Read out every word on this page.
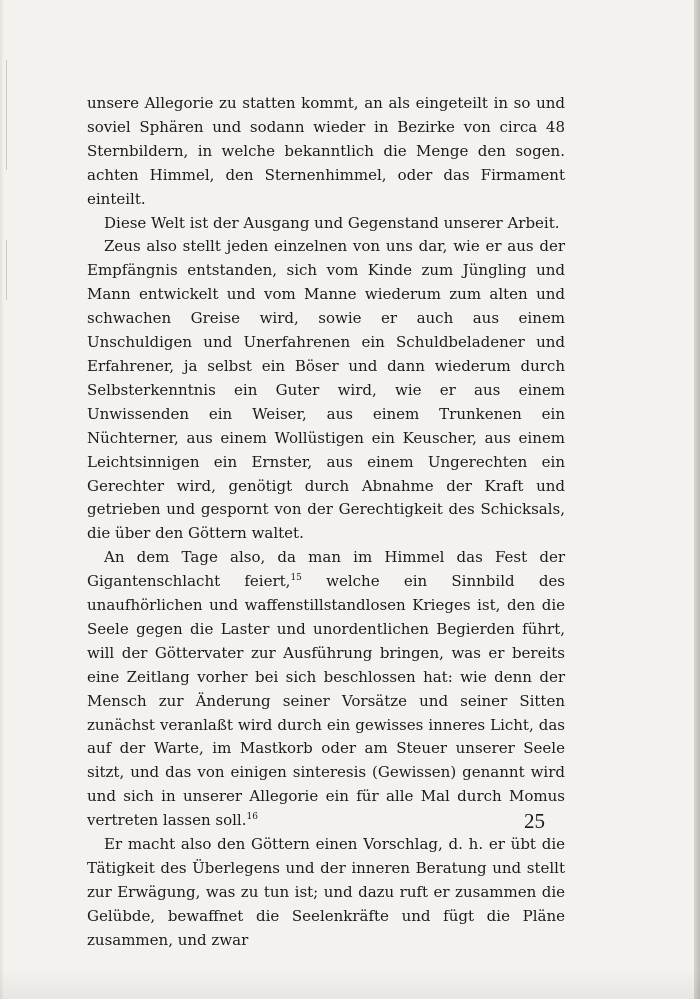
unsere Allegorie zu statten kommt, an als eingeteilt in so und soviel Sphären und sodann wieder in Bezirke von circa 48 Sternbildern, in welche bekanntlich die Menge den sogen. achten Himmel, den Sternenhimmel, oder das Firmament einteilt.

Diese Welt ist der Ausgang und Gegenstand unserer Arbeit.

Zeus also stellt jeden einzelnen von uns dar, wie er aus der Empfängnis entstanden, sich vom Kinde zum Jüngling und Mann entwickelt und vom Manne wiederum zum alten und schwachen Greise wird, sowie er auch aus einem Unschuldigen und Unerfahrenen ein Schuldbeladener und Erfahrener, ja selbst ein Böser und dann wiederum durch Selbsterkenntnis ein Guter wird, wie er aus einem Unwissenden ein Weiser, aus einem Trunkenen ein Nüchterner, aus einem Wollüstigen ein Keuscher, aus einem Leichtsinnigen ein Ernster, aus einem Ungerechten ein Gerechter wird, genötigt durch Abnahme der Kraft und getrieben und gespornt von der Gerechtigkeit des Schicksals, die über den Göttern waltet.

An dem Tage also, da man im Himmel das Fest der Gigantenschlacht feiert,$^{15}$ welche ein Sinnbild des unaufhörlichen und waffenstillstandlosen Krieges ist, den die Seele gegen die Laster und unordentlichen Begierden führt, will der Göttervater zur Ausführung bringen, was er bereits eine Zeitlang vorher bei sich beschlossen hat: wie denn der Mensch zur Änderung seiner Vorsätze und seiner Sitten zunächst veranlaßt wird durch ein gewisses inneres Licht, das auf der Warte, im Mastkorb oder am Steuer unserer Seele sitzt, und das von einigen sinteresis (Gewissen) genannt wird und sich in unserer Allegorie ein für alle Mal durch Momus vertreten lassen soll.$^{16}$

Er macht also den Göttern einen Vorschlag, d. h. er übt die Tätigkeit des Überlegens und der inneren Beratung und stellt zur Erwägung, was zu tun ist; und dazu ruft er zusammen die Gelübde, bewaffnet die Seelenkräfte und fügt die Pläne zusammen, und zwar

25
